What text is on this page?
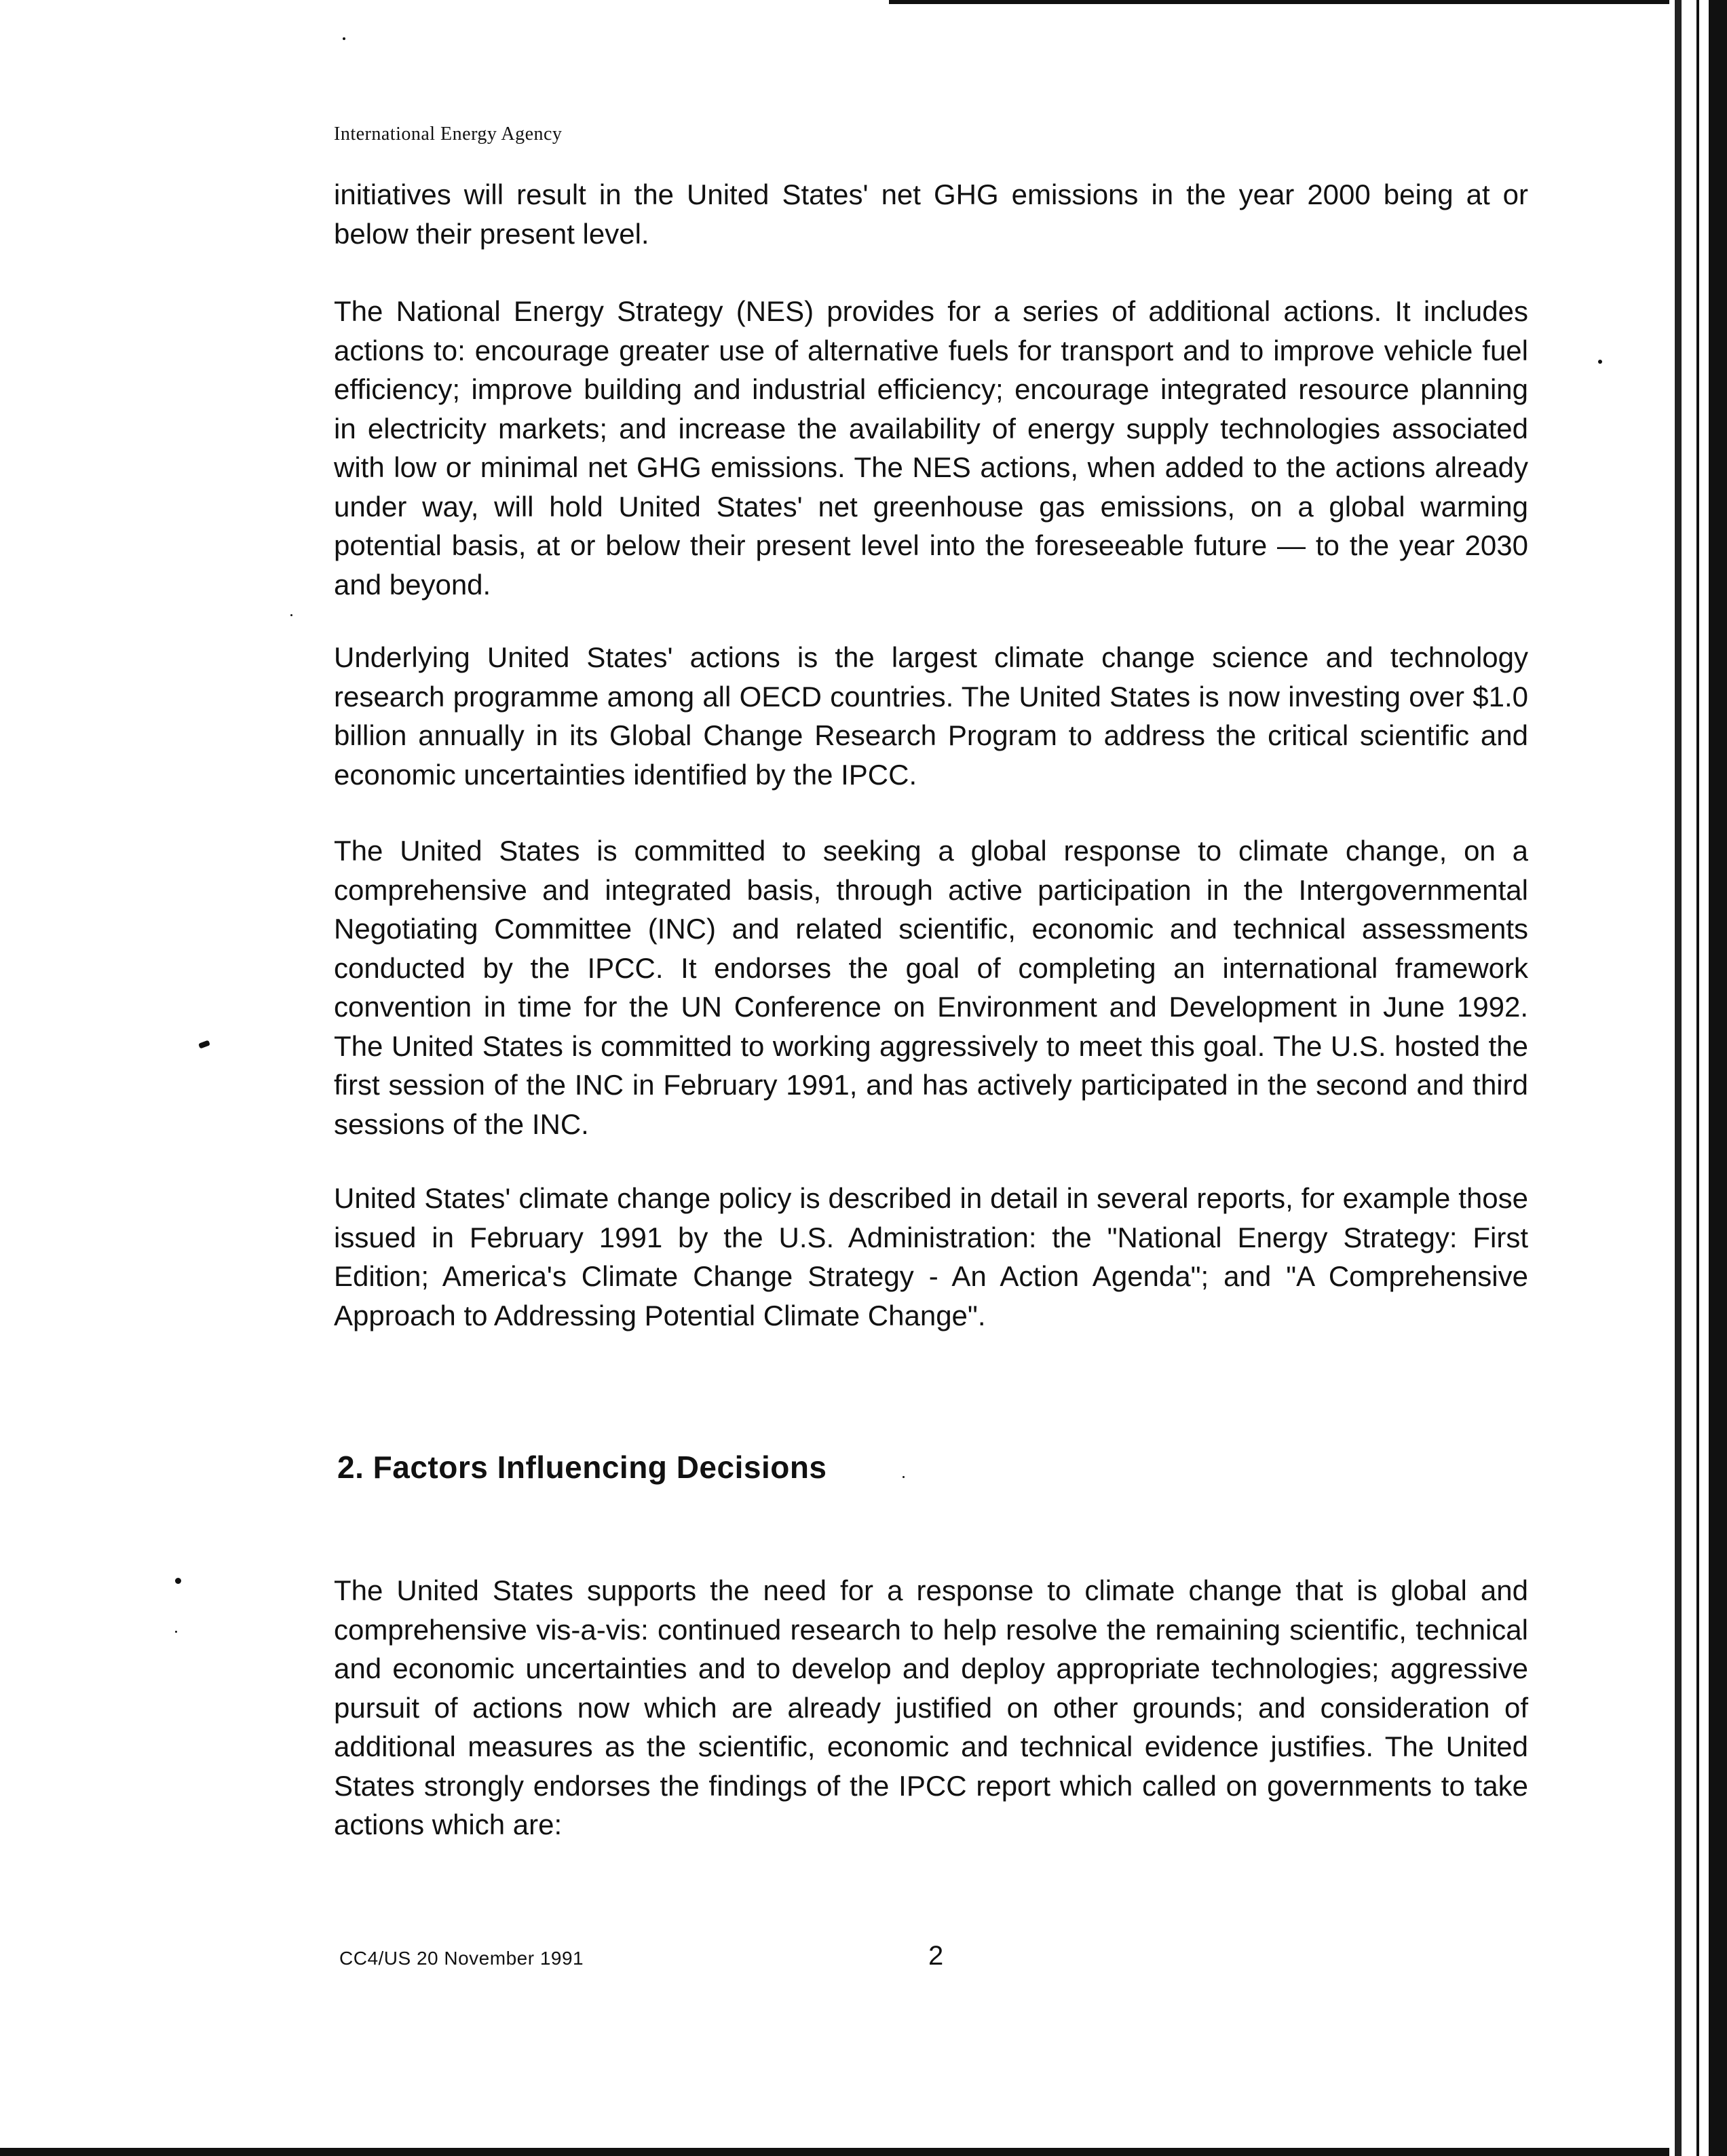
International Energy Agency

initiatives will result in the United States' net GHG emissions in the year 2000 being at or below their present level.

The National Energy Strategy (NES) provides for a series of additional actions. It includes actions to: encourage greater use of alternative fuels for transport and to improve vehicle fuel efficiency; improve building and industrial efficiency; encourage integrated resource planning in electricity markets; and increase the availability of energy supply technologies associated with low or minimal net GHG emissions. The NES actions, when added to the actions already under way, will hold United States' net greenhouse gas emissions, on a global warming potential basis, at or below their present level into the foreseeable future — to the year 2030 and beyond.

Underlying United States' actions is the largest climate change science and technology research programme among all OECD countries. The United States is now investing over $1.0 billion annually in its Global Change Research Program to address the critical scientific and economic uncertainties identified by the IPCC.

The United States is committed to seeking a global response to climate change, on a comprehensive and integrated basis, through active participation in the Intergovernmental Negotiating Committee (INC) and related scientific, economic and technical assessments conducted by the IPCC. It endorses the goal of completing an international framework convention in time for the UN Conference on Environment and Development in June 1992. The United States is committed to working aggressively to meet this goal. The U.S. hosted the first session of the INC in February 1991, and has actively participated in the second and third sessions of the INC.

United States' climate change policy is described in detail in several reports, for example those issued in February 1991 by the U.S. Administration: the "National Energy Strategy: First Edition; America's Climate Change Strategy - An Action Agenda"; and "A Comprehensive Approach to Addressing Potential Climate Change".

2. Factors Influencing Decisions

The United States supports the need for a response to climate change that is global and comprehensive vis-a-vis: continued research to help resolve the remaining scientific, technical and economic uncertainties and to develop and deploy appropriate technologies; aggressive pursuit of actions now which are already justified on other grounds; and consideration of additional measures as the scientific, economic and technical evidence justifies. The United States strongly endorses the findings of the IPCC report which called on governments to take actions which are:

CC4/US 20 November 1991	2
